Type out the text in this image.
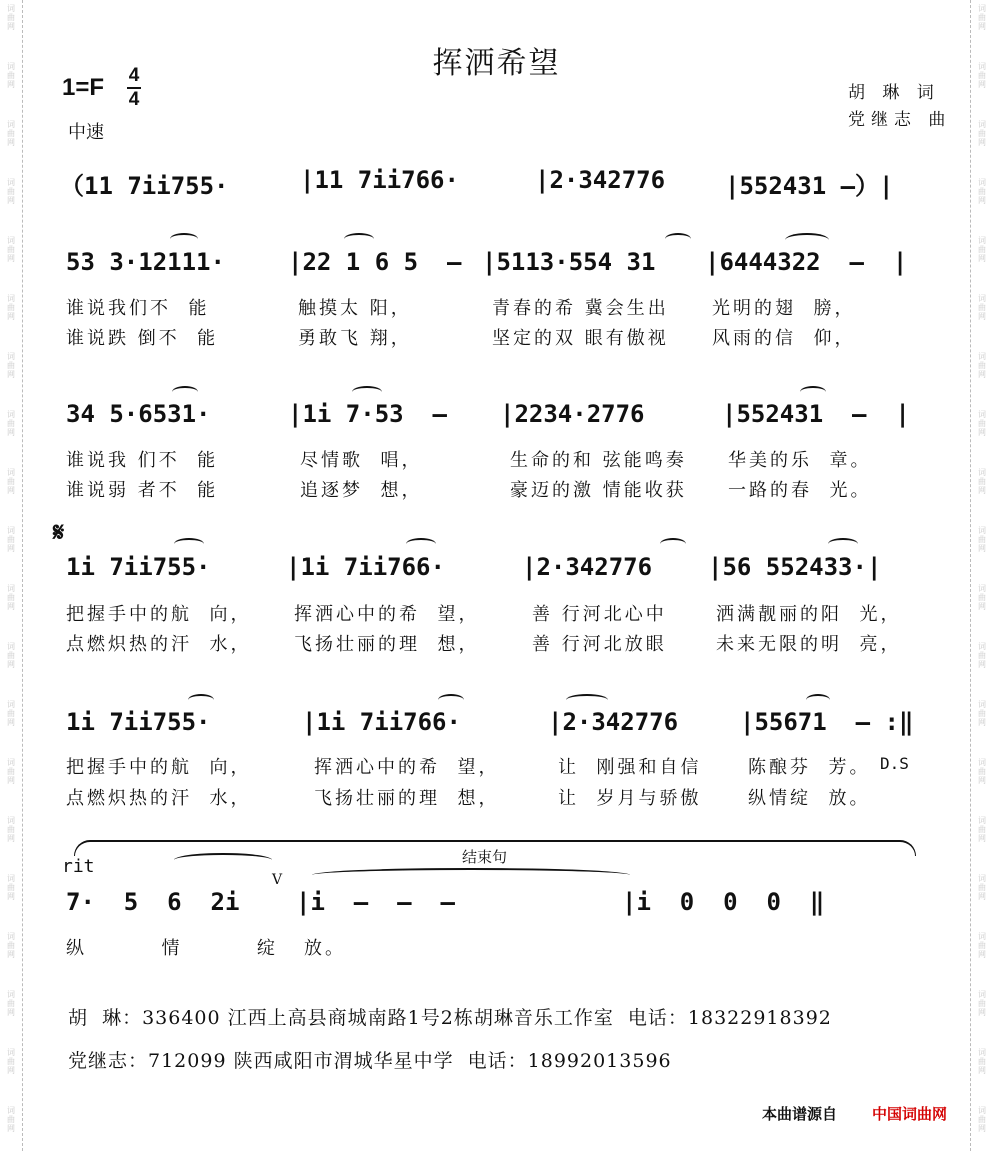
词
曲
网
词
曲
网
词
曲
网
词
曲
网
词
曲
网
词
曲
网
词
曲
网
词
曲
网
词
曲
网
词
曲
网
词
曲
网
词
曲
网
词
曲
网
词
曲
网
词
曲
网
词
曲
网
词
曲
网
词
曲
网
词
曲
网
词
曲
网
词
曲
网
词
曲
网
词
曲
网
词
曲
网
词
曲
网
词
曲
网
词
曲
网
词
曲
网
词
曲
网
词
曲
网
词
曲
网
词
曲
网
词
曲
网
词
曲
网
词
曲
网
词
曲
网
词
曲
网
词
曲
网
词
曲
网
词
曲
网
挥洒希望
1=F 4
4
中速
胡 琳 词
党继志 曲
（11 7ii755·	|11 7ii766·	|2·342776 |552431 –）|
53 3·12111·	|22 1 6 5  – |5113·554 31 |6444322  –  |
谁说我们不  能	触摸太 阳，	青春的希 冀会生出 光明的翅  膀，
谁说跌 倒不  能	勇敢飞 翔，	坚定的双 眼有傲视 风雨的信  仰，
34 5·6531·	|1i 7·53  – |2234·2776	|552431  –  |
谁说我 们不  能	尽情歌  唱，	生命的和 弦能鸣奏 华美的乐  章。
谁说弱 者不  能	追逐梦  想，	豪迈的激 情能收获 一路的春  光。
𝄋
1i 7ii755·	|1i 7ii766·	|2·342776 |56 552433·|
把握手中的航  向， 挥洒心中的希  望，	善 行河北心中	洒满靓丽的阳  光，
点燃炽热的汗  水， 飞扬壮丽的理  想，	善 行河北放眼	未来无限的明  亮，
1i 7ii755·	|1i 7ii766·	|2·342776	|55671  – :‖
把握手中的航  向，	挥洒心中的希  望，	让  刚强和自信	陈酿芬  芳。 D.S
点燃炽热的汗  水，	飞扬壮丽的理  想，	让  岁月与骄傲	纵情绽  放。
结束句
rit
V
7·  5  6  2i |i  –  –  –	|i  0  0  0  ‖
纵  情  绽 放。
胡  琳：336400 江西上高县商城南路1号2栋胡琳音乐工作室  电话：18322918392
党继志：712099 陕西咸阳市渭城华星中学  电话：18992013596
本曲谱源自 中国词曲网
